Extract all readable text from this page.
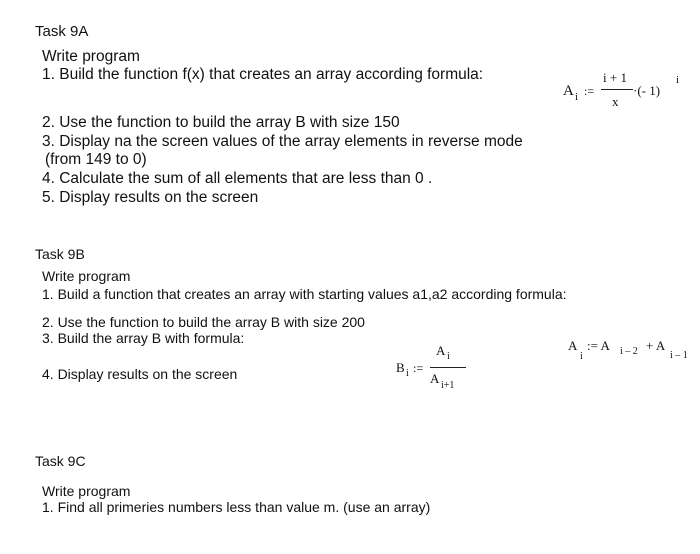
Task 9A
Write program
1. Build the function f(x) that creates an array according formula:
A i :=
i + 1
x
·(- 1)
i
2. Use the function to build the array B with size 150
3. Display na the screen values of the array elements in reverse mode
(from 149 to 0)
4. Calculate the sum of all elements that are less than 0 .
5. Display results on the screen
Task 9B
Write program
1. Build a function that creates an array with starting values a1,a2 according formula:
2. Use the function to build the array B with size 200
3. Build the array B with formula:	A
i
:= A i – 2 + A
i – 1
B i :=
A i
A i+1
4. Display results on the screen
Task 9C
Write program
1. Find all primeries numbers less than value m. (use an array)
